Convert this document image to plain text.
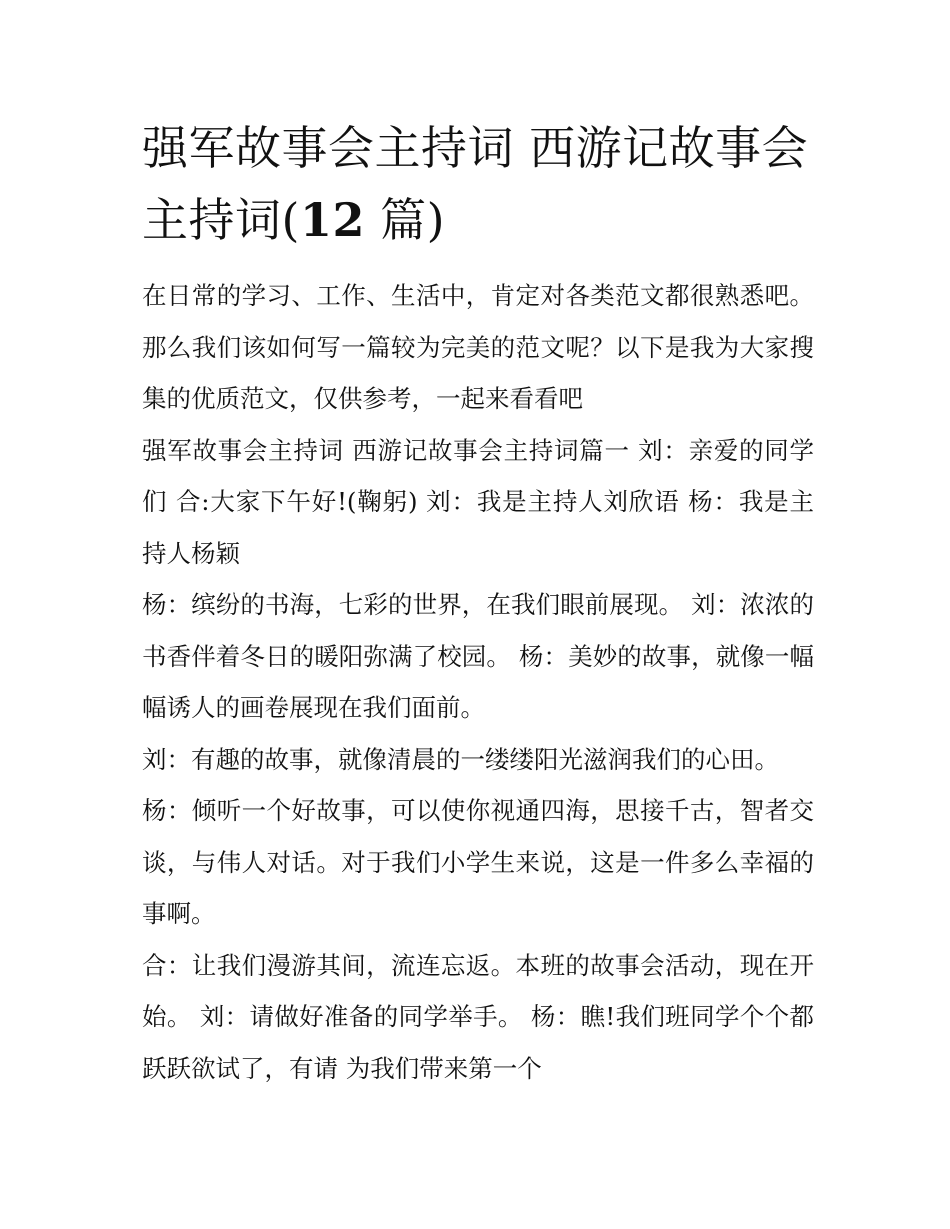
强军故事会主持词 西游记故事会主持词(12 篇)

在日常的学习、工作、生活中，肯定对各类范文都很熟悉吧。那么我们该如何写一篇较为完美的范文呢？以下是我为大家搜集的优质范文，仅供参考，一起来看看吧

强军故事会主持词 西游记故事会主持词篇一 刘：亲爱的同学们 合:大家下午好!(鞠躬) 刘：我是主持人刘欣语 杨：我是主持人杨颖

杨：缤纷的书海，七彩的世界，在我们眼前展现。 刘：浓浓的书香伴着冬日的暖阳弥满了校园。 杨：美妙的故事，就像一幅幅诱人的画卷展现在我们面前。

刘：有趣的故事，就像清晨的一缕缕阳光滋润我们的心田。

杨：倾听一个好故事，可以使你视通四海，思接千古，智者交谈，与伟人对话。对于我们小学生来说，这是一件多么幸福的事啊。

合：让我们漫游其间，流连忘返。本班的故事会活动，现在开始。 刘：请做好准备的同学举手。 杨：瞧!我们班同学个个都跃跃欲试了，有请 为我们带来第一个
